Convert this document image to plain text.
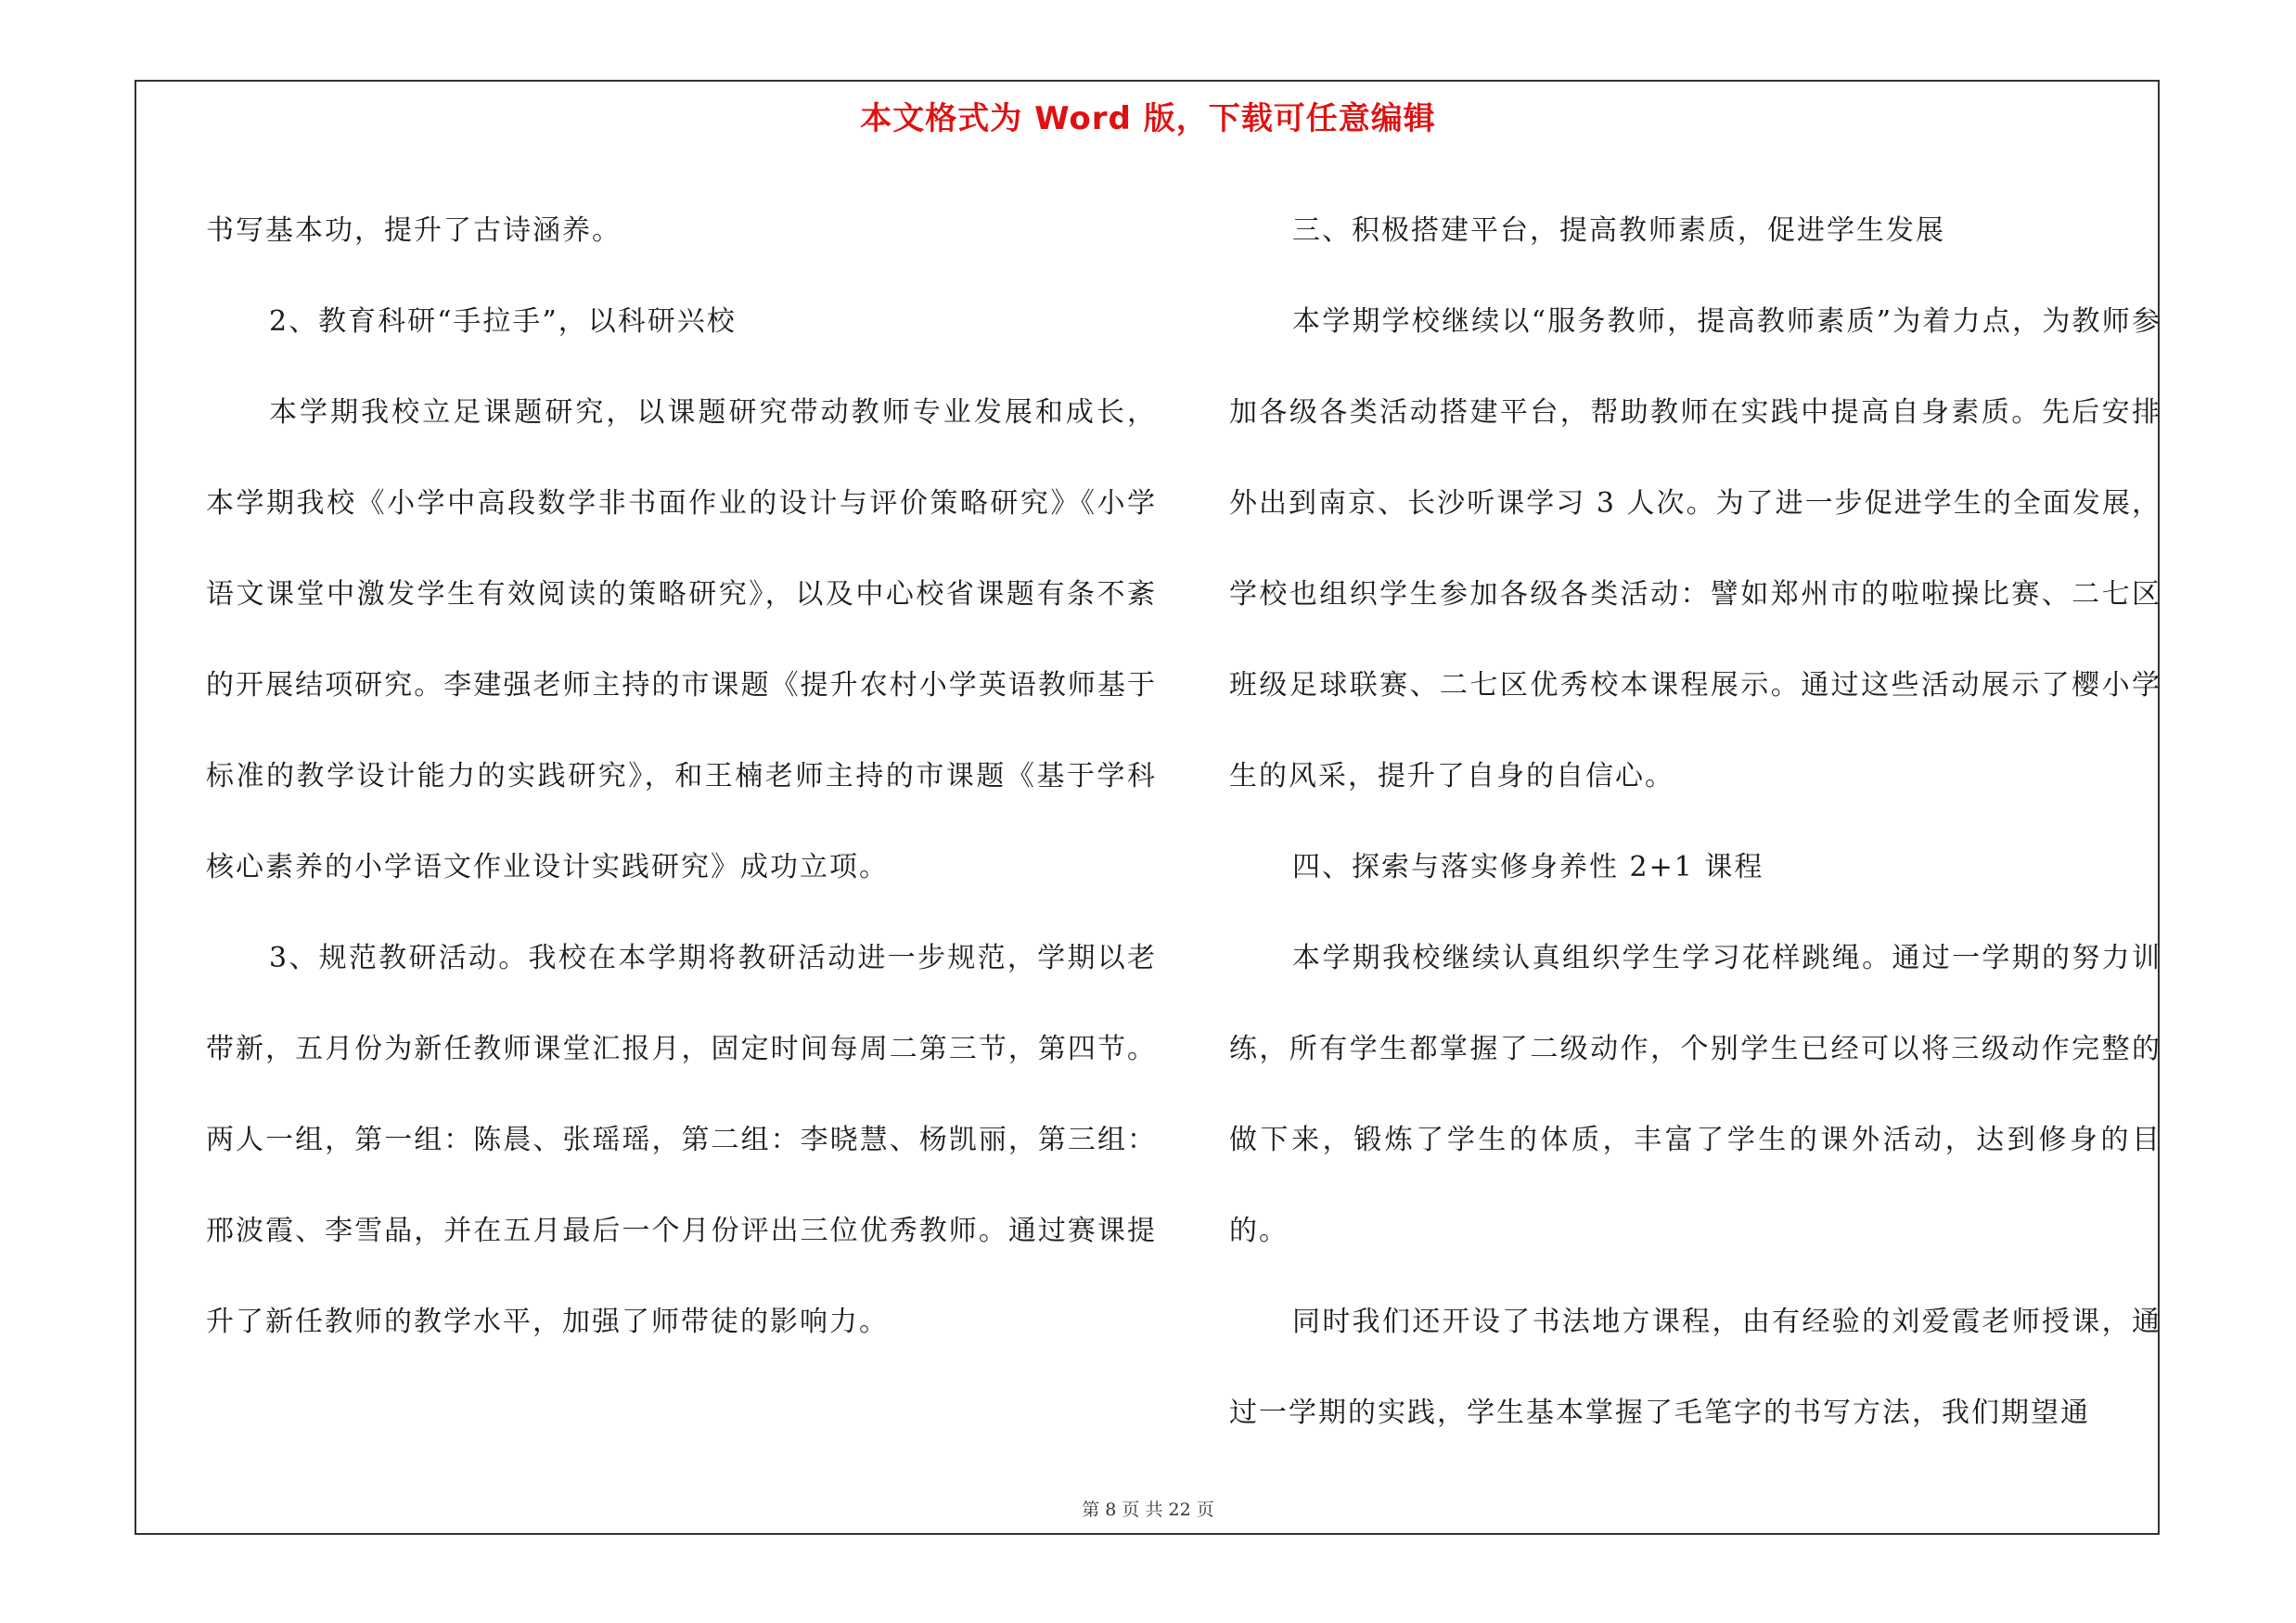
本文格式为 Word 版，下载可任意编辑

书写基本功，提升了古诗涵养。

2、教育科研“手拉手”，以科研兴校

本学期我校立足课题研究，以课题研究带动教师专业发展和成长，本学期我校《小学中高段数学非书面作业的设计与评价策略研究》《小学语文课堂中激发学生有效阅读的策略研究》，以及中心校省课题有条不紊的开展结项研究。李建强老师主持的市课题《提升农村小学英语教师基于标准的教学设计能力的实践研究》，和王楠老师主持的市课题《基于学科核心素养的小学语文作业设计实践研究》成功立项。

3、规范教研活动。我校在本学期将教研活动进一步规范，学期以老带新，五月份为新任教师课堂汇报月，固定时间每周二第三节，第四节。两人一组，第一组：陈晨、张瑶瑶，第二组：李晓慧、杨凯丽，第三组：邢波霞、李雪晶，并在五月最后一个月份评出三位优秀教师。通过赛课提升了新任教师的教学水平，加强了师带徒的影响力。

三、积极搭建平台，提高教师素质，促进学生发展

本学期学校继续以“服务教师，提高教师素质”为着力点，为教师参加各级各类活动搭建平台，帮助教师在实践中提高自身素质。先后安排外出到南京、长沙听课学习 3 人次。为了进一步促进学生的全面发展，学校也组织学生参加各级各类活动：譬如郑州市的啦啦操比赛、二七区班级足球联赛、二七区优秀校本课程展示。通过这些活动展示了樱小学生的风采，提升了自身的自信心。

四、探索与落实修身养性 2+1 课程

本学期我校继续认真组织学生学习花样跳绳。通过一学期的努力训练，所有学生都掌握了二级动作，个别学生已经可以将三级动作完整的做下来，锻炼了学生的体质，丰富了学生的课外活动，达到修身的目的。

同时我们还开设了书法地方课程，由有经验的刘爱霞老师授课，通过一学期的实践，学生基本掌握了毛笔字的书写方法，我们期望通

第 8 页 共 22 页
